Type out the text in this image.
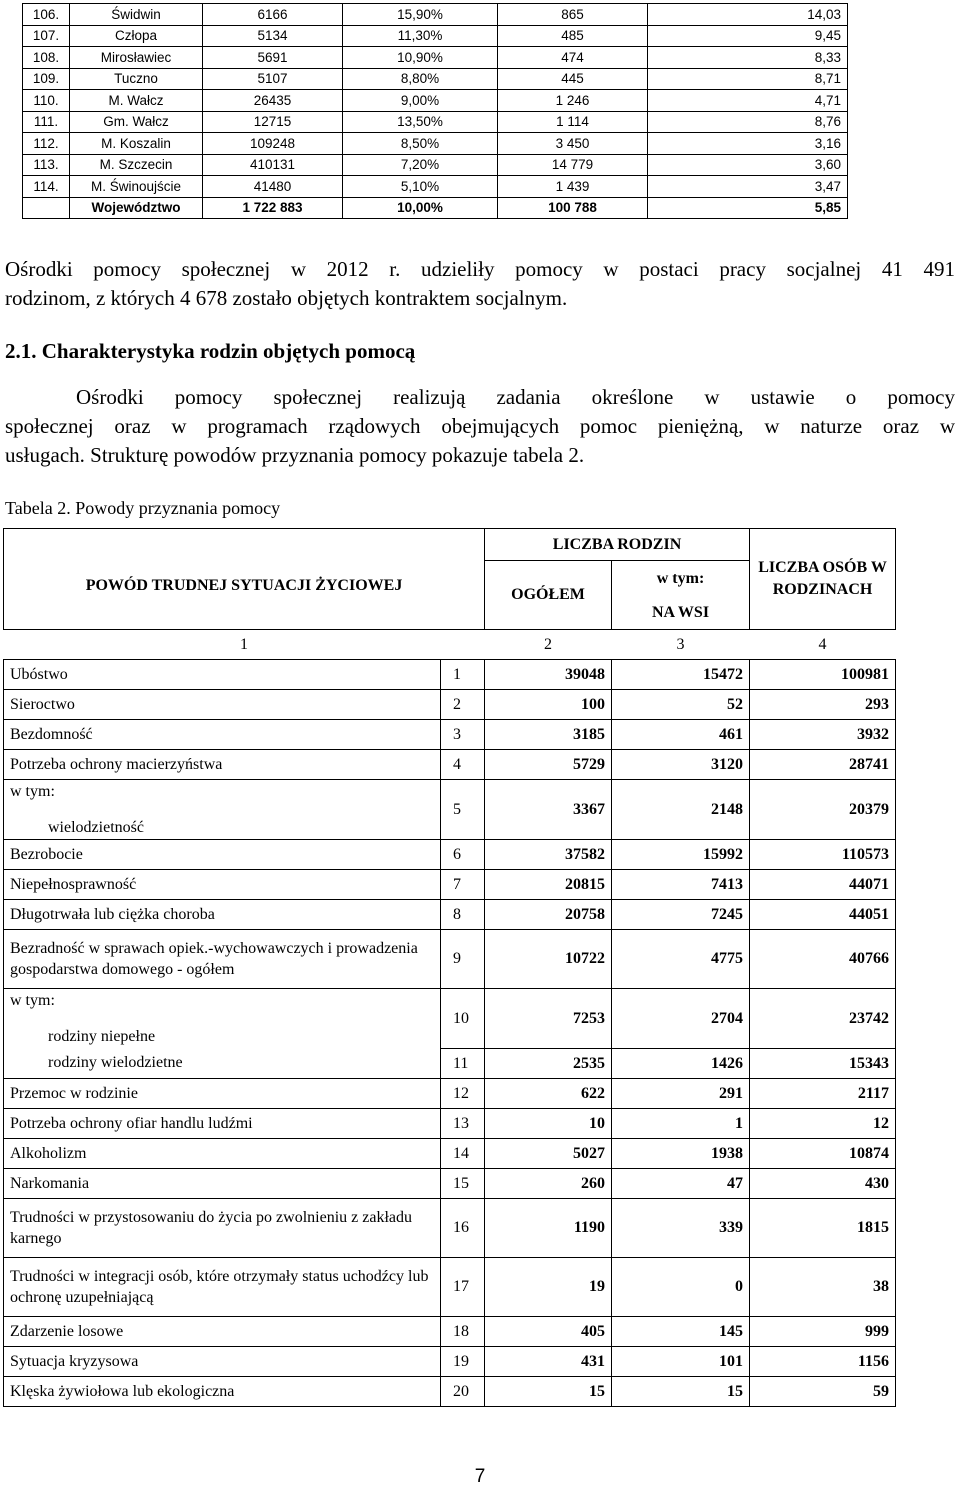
106.	Świdwin	6166	15,90%	865	14,03
107.	Człopa	5134	11,30%	485	9,45
108.	Mirosławiec	5691	10,90%	474	8,33
109.	Tuczno	5107	8,80%	445	8,71
110.	M. Wałcz	26435	9,00%	1 246	4,71
111.	Gm. Wałcz	12715	13,50%	1 114	8,76
112.	M. Koszalin	109248	8,50%	3 450	3,16
113.	M. Szczecin	410131	7,20%	14 779	3,60
114.	M. Świnoujście	41480	5,10%	1 439	3,47
	Województwo	1 722 883	10,00%	100 788	5,85
Ośrodki pomocy społecznej w 2012 r. udzieliły pomocy w postaci pracy socjalnej 41 491
rodzinom, z których 4 678 zostało objętych kontraktem socjalnym.
2.1. Charakterystyka rodzin objętych pomocą
Ośrodki pomocy społecznej realizują zadania określone w ustawie o pomocy
społecznej oraz w programach rządowych obejmujących pomoc pieniężną, w naturze oraz w
usługach. Strukturę powodów przyznania pomocy pokazuje tabela 2.
Tabela 2. Powody przyznania pomocy
POWÓD TRUDNEJ SYTUACJI ŻYCIOWEJ		LICZBA RODZIN		LICZBA OSÓB W RODZINACH
		OGÓŁEM	w tym:	
			NA WSI	
1		2	3	4
Ubóstwo	1	39048	15472	100981
Sieroctwo	2	100	52	293
Bezdomność	3	3185	461	3932
Potrzeba ochrony macierzyństwa	4	5729	3120	28741

w tym:
wielodzietność	5	3367	2148	20379
Bezrobocie	6	37582	15992	110573
Niepełnosprawność	7	20815	7413	44071
Długotrwała lub ciężka choroba	8	20758	7245	44051
Bezradność w sprawach opiek.-wychowawczych i prowadzenia gospodarstwa domowego - ogółem	9	10722	4775	40766

w tym:
rodziny niepełne	10	7253	2704	23742
rodziny wielodzietne	11	2535	1426	15343
Przemoc w rodzinie	12	622	291	2117
Potrzeba ochrony ofiar handlu ludźmi	13	10	1	12
Alkoholizm	14	5027	1938	10874
Narkomania	15	260	47	430
Trudności w przystosowaniu do życia po zwolnieniu z zakładu karnego	16	1190	339	1815
Trudności w integracji osób, które otrzymały status uchodźcy lub ochronę uzupełniającą	17	19	0	38
Zdarzenie losowe	18	405	145	999
Sytuacja kryzysowa	19	431	101	1156
Klęska żywiołowa lub ekologiczna	20	15	15	59
7
